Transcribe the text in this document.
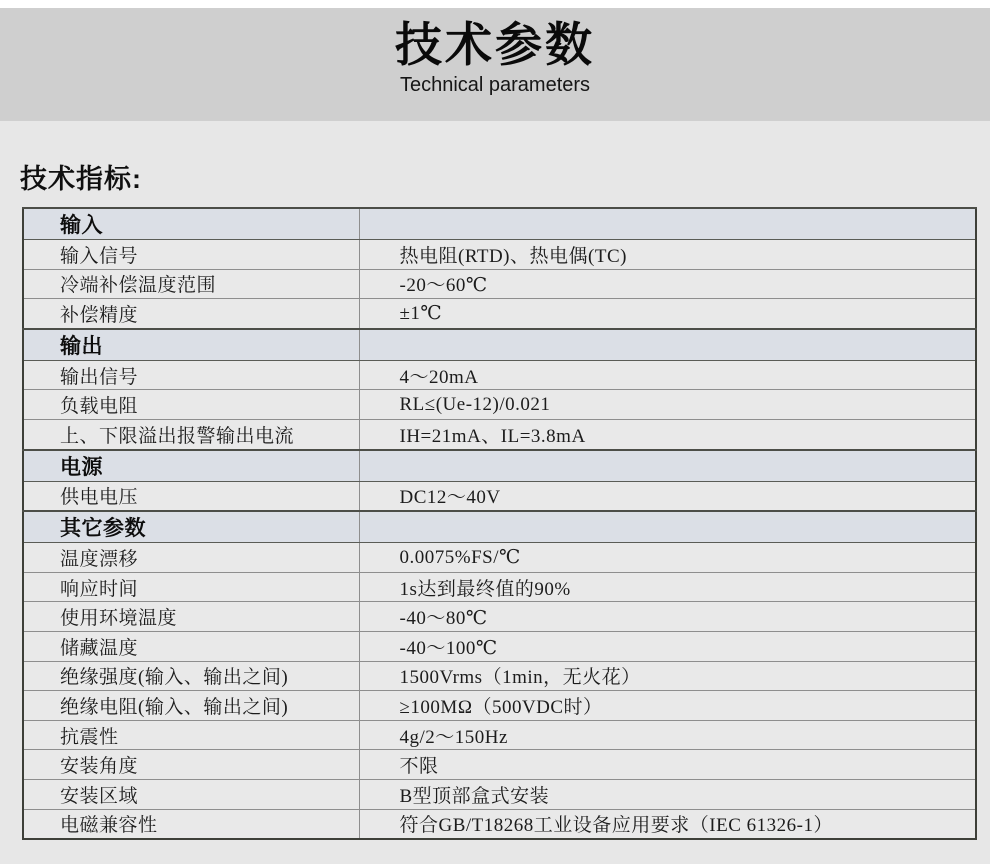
技术参数
Technical parameters
技术指标:
输入	
输入信号	热电阻(RTD)、热电偶(TC)
冷端补偿温度范围	-20～60℃
补偿精度	±1℃
输出	
输出信号	4～20mA
负载电阻	RL≤(Ue-12)/0.021
上、下限溢出报警输出电流	IH=21mA、IL=3.8mA
电源	
供电电压	DC12～40V
其它参数	
温度漂移	0.0075%FS/℃
响应时间	1s达到最终值的90%
使用环境温度	-40～80℃
储藏温度	-40～100℃
绝缘强度(输入、输出之间)	1500Vrms（1min，无火花）
绝缘电阻(输入、输出之间)	≥100MΩ（500VDC时）
抗震性	4g/2～150Hz
安装角度	不限
安装区域	B型顶部盒式安装
电磁兼容性	符合GB/T18268工业设备应用要求（IEC 61326-1）
